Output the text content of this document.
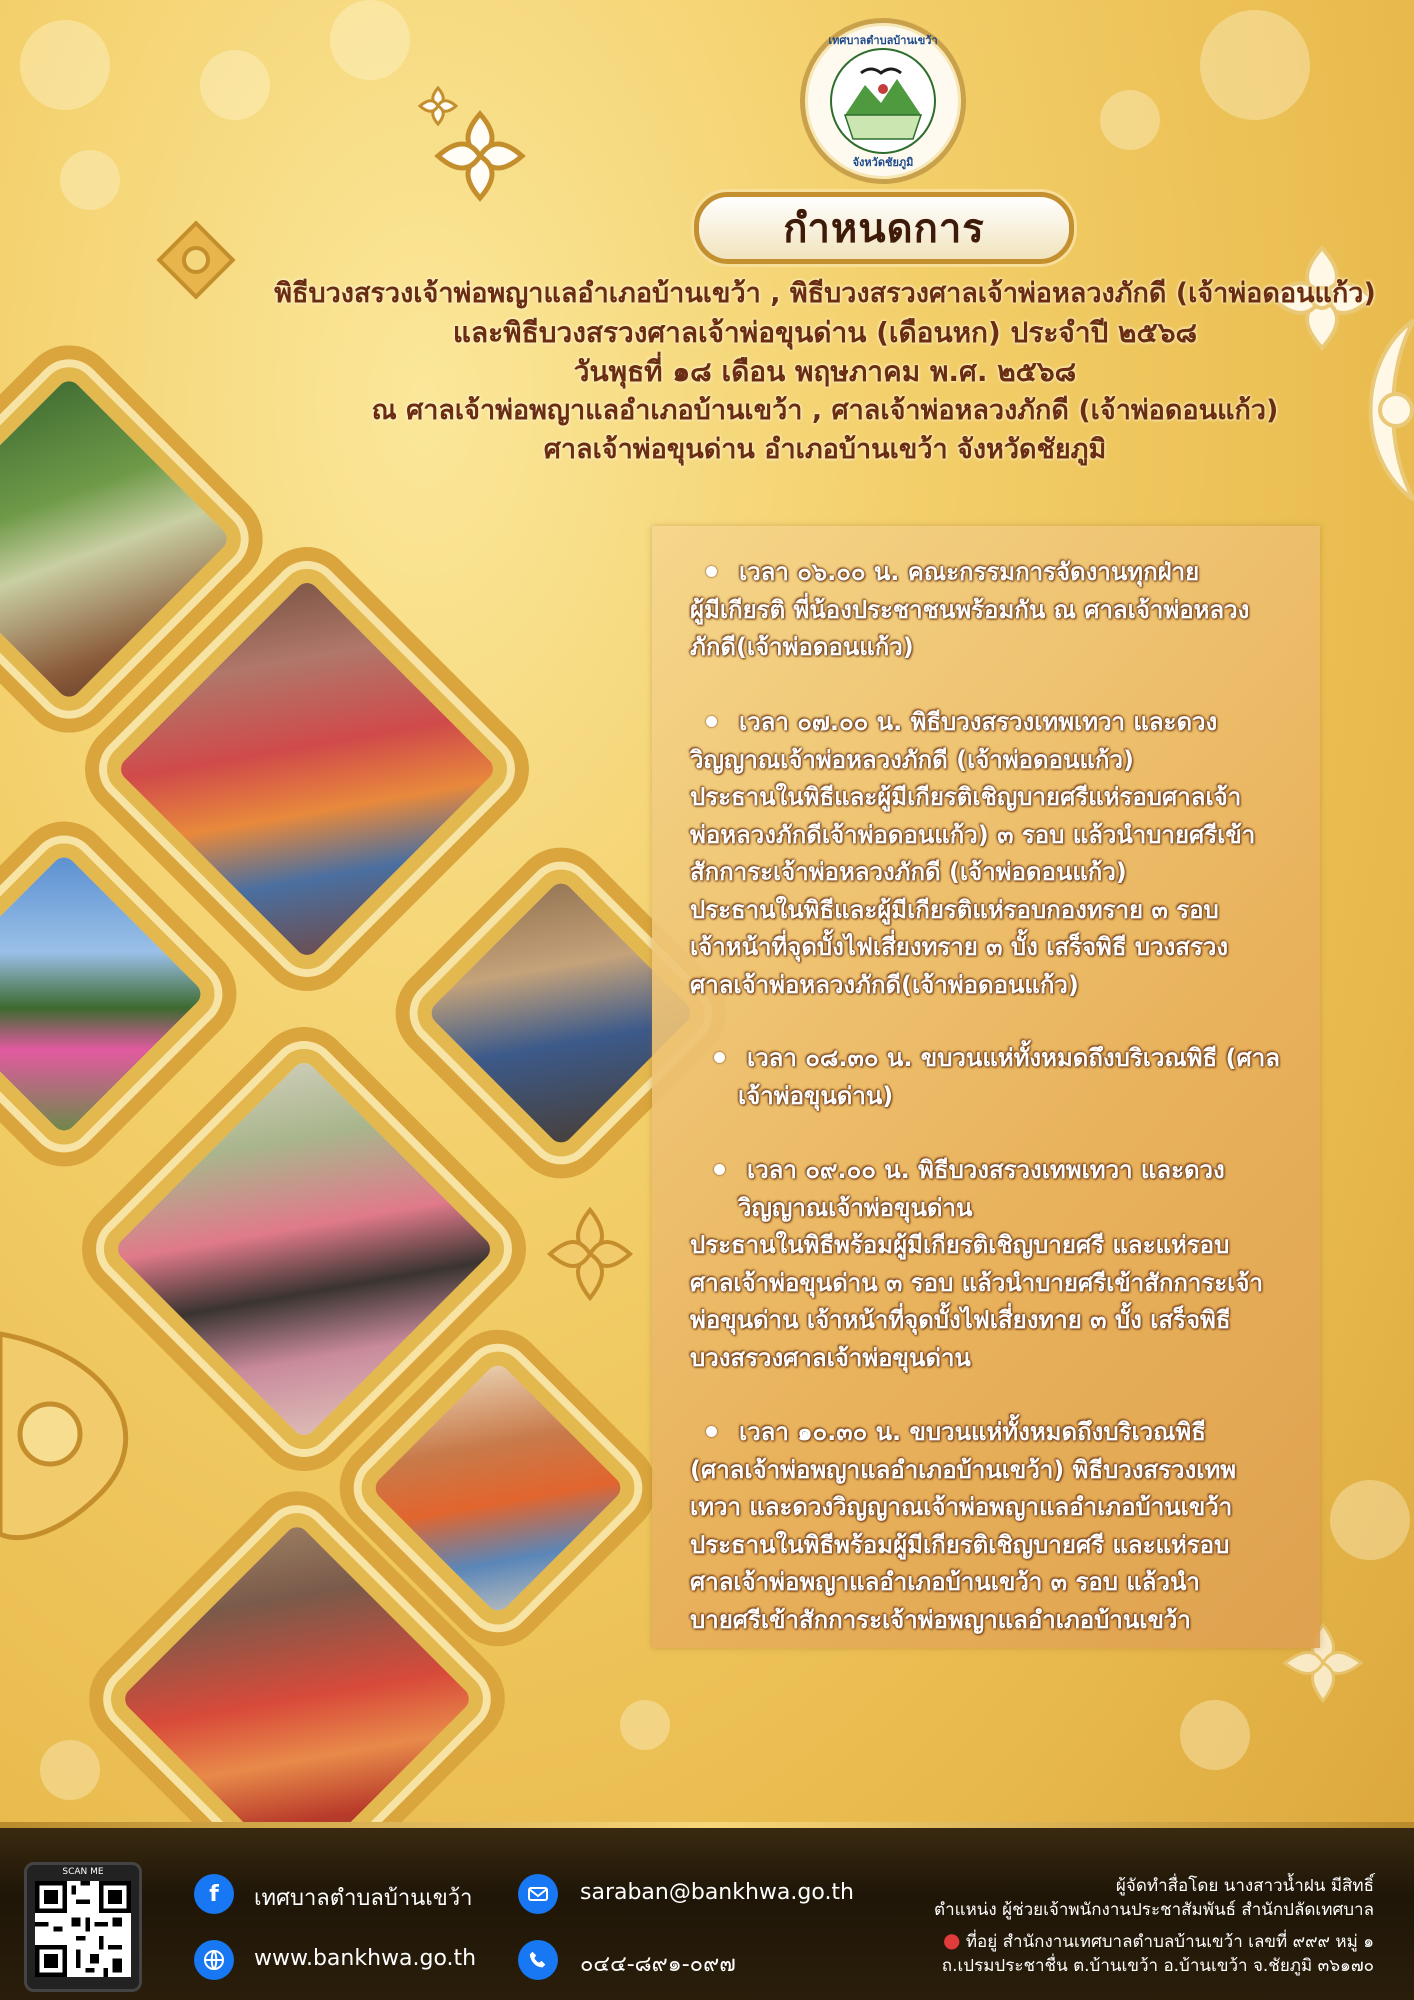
เทศบาลตำบลบ้านเขว้า
จังหวัดชัยภูมิ
กำหนดการ
พิธีบวงสรวงเจ้าพ่อพญาแลอำเภอบ้านเขว้า , พิธีบวงสรวงศาลเจ้าพ่อหลวงภักดี (เจ้าพ่อดอนแก้ว)
และพิธีบวงสรวงศาลเจ้าพ่อขุนด่าน (เดือนหก) ประจำปี ๒๕๖๘
วันพุธที่ ๑๘ เดือน พฤษภาคม พ.ศ. ๒๕๖๘
ณ ศาลเจ้าพ่อพญาแลอำเภอบ้านเขว้า , ศาลเจ้าพ่อหลวงภักดี (เจ้าพ่อดอนแก้ว)
ศาลเจ้าพ่อขุนด่าน อำเภอบ้านเขว้า จังหวัดชัยภูมิ
เวลา ๐๖.๐๐ น. คณะกรรมการจัดงานทุกฝ่าย
ผู้มีเกียรติ พี่น้องประชาชนพร้อมกัน ณ ศาลเจ้าพ่อหลวง
ภักดี(เจ้าพ่อดอนแก้ว)
เวลา ๐๗.๐๐ น. พิธีบวงสรวงเทพเทวา และดวง
วิญญาณเจ้าพ่อหลวงภักดี (เจ้าพ่อดอนแก้ว)
ประธานในพิธีและผู้มีเกียรติเชิญบายศรีแห่รอบศาลเจ้า
พ่อหลวงภักดีเจ้าพ่อดอนแก้ว) ๓ รอบ แล้วนำบายศรีเข้า
สักการะเจ้าพ่อหลวงภักดี (เจ้าพ่อดอนแก้ว)
ประธานในพิธีและผู้มีเกียรติแห่รอบกองทราย ๓ รอบ
เจ้าหน้าที่จุดบั้งไฟเสี่ยงทราย ๓ บั้ง เสร็จพิธี บวงสรวง
ศาลเจ้าพ่อหลวงภักดี(เจ้าพ่อดอนแก้ว)
เวลา ๐๘.๓๐ น. ขบวนแห่ทั้งหมดถึงบริเวณพิธี (ศาล
เจ้าพ่อขุนด่าน)
เวลา ๐๙.๐๐ น. พิธีบวงสรวงเทพเทวา และดวง
วิญญาณเจ้าพ่อขุนด่าน
ประธานในพิธีพร้อมผู้มีเกียรติเชิญบายศรี และแห่รอบ
ศาลเจ้าพ่อขุนด่าน ๓ รอบ แล้วนำบายศรีเข้าสักการะเจ้า
พ่อขุนด่าน เจ้าหน้าที่จุดบั้งไฟเสี่ยงทาย ๓ บั้ง เสร็จพิธี
บวงสรวงศาลเจ้าพ่อขุนด่าน
เวลา ๑๐.๓๐ น. ขบวนแห่ทั้งหมดถึงบริเวณพิธี
(ศาลเจ้าพ่อพญาแลอำเภอบ้านเขว้า) พิธีบวงสรวงเทพ
เทวา และดวงวิญญาณเจ้าพ่อพญาแลอำเภอบ้านเขว้า
ประธานในพิธีพร้อมผู้มีเกียรติเชิญบายศรี และแห่รอบ
ศาลเจ้าพ่อพญาแลอำเภอบ้านเขว้า ๓ รอบ แล้วนำ
บายศรีเข้าสักการะเจ้าพ่อพญาแลอำเภอบ้านเขว้า
SCAN ME
f	เทศบาลตำบลบ้านเขว้า
www.bankhwa.go.th
saraban@bankhwa.go.th
๐๔๔-๘๙๑-๐๙๗
ผู้จัดทำสื่อโดย นางสาวน้ำฝน มีสิทธิ์
ตำแหน่ง ผู้ช่วยเจ้าพนักงานประชาสัมพันธ์ สำนักปลัดเทศบาล
● ที่อยู่ สำนักงานเทศบาลตำบลบ้านเขว้า เลขที่ ๙๙๙ หมู่ ๑
ถ.เปรมประชาชื่น ต.บ้านเขว้า อ.บ้านเขว้า จ.ชัยภูมิ ๓๖๑๗๐
